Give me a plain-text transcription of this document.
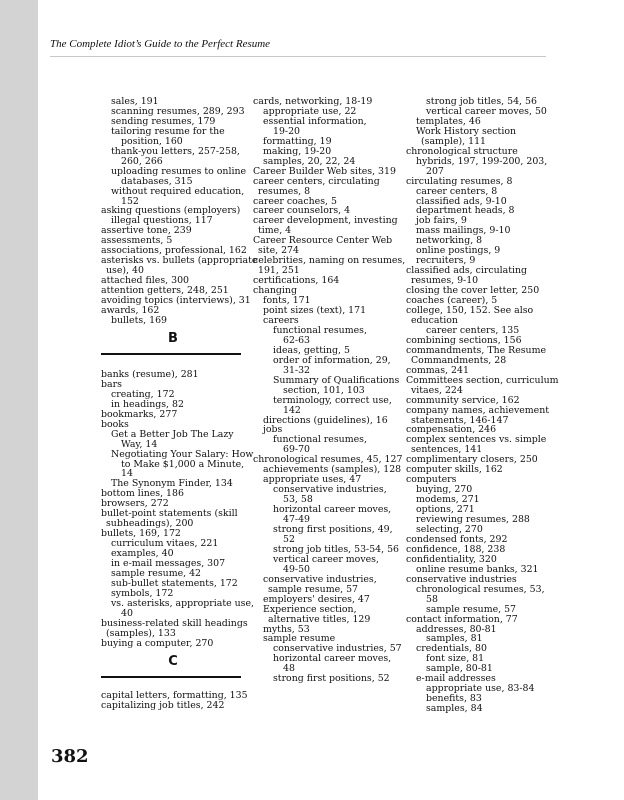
The Complete Idiot’s Guide to the Perfect Resume
sales, 191
scanning resumes, 289, 293
sending resumes, 179
tailoring resume for the
position, 160
thank-you letters, 257-258,
260, 266
uploading resumes to online
databases, 315
without required education,
152
asking questions (employers)
illegal questions, 117
assertive tone, 239
assessments, 5
associations, professional, 162
asterisks vs. bullets (appropriate
use), 40
attached files, 300
attention getters, 248, 251
avoiding topics (interviews), 31
awards, 162
bullets, 169
B
banks (resume), 281
bars
creating, 172
in headings, 82
bookmarks, 277
books
Get a Better Job The Lazy
Way, 14
Negotiating Your Salary: How
to Make $1,000 a Minute,
14
The Synonym Finder, 134
bottom lines, 186
browsers, 272
bullet-point statements (skill
subheadings), 200
bullets, 169, 172
curriculum vitaes, 221
examples, 40
in e-mail messages, 307
sample resume, 42
sub-bullet statements, 172
symbols, 172
vs. asterisks, appropriate use,
40
business-related skill headings
(samples), 133
buying a computer, 270
C
capital letters, formatting, 135
capitalizing job titles, 242
cards, networking, 18-19
appropriate use, 22
essential information,
19-20
formatting, 19
making, 19-20
samples, 20, 22, 24
Career Builder Web sites, 319
career centers, circulating
resumes, 8
career coaches, 5
career counselors, 4
career development, investing
time, 4
Career Resource Center Web
site, 274
celebrities, naming on resumes,
191, 251
certifications, 164
changing
fonts, 171
point sizes (text), 171
careers
functional resumes,
62-63
ideas, getting, 5
order of information, 29,
31-32
Summary of Qualifications
section, 101, 103
terminology, correct use,
142
directions (guidelines), 16
jobs
functional resumes,
69-70
chronological resumes, 45, 127
achievements (samples), 128
appropriate uses, 47
conservative industries,
53, 58
horizontal career moves,
47-49
strong first positions, 49,
52
strong job titles, 53-54, 56
vertical career moves,
49-50
conservative industries,
sample resume, 57
employers' desires, 47
Experience section,
alternative titles, 129
myths, 53
sample resume
conservative industries, 57
horizontal career moves,
48
strong first positions, 52
strong job titles, 54, 56
vertical career moves, 50
templates, 46
Work History section
(sample), 111
chronological structure
hybrids, 197, 199-200, 203,
207
circulating resumes, 8
career centers, 8
classified ads, 9-10
department heads, 8
job fairs, 9
mass mailings, 9-10
networking, 8
online postings, 9
recruiters, 9
classified ads, circulating
resumes, 9-10
closing the cover letter, 250
coaches (career), 5
college, 150, 152. See also
education
career centers, 135
combining sections, 156
commandments, The Resume
Commandments, 28
commas, 241
Committees section, curriculum
vitaes, 224
community service, 162
company names, achievement
statements, 146-147
compensation, 246
complex sentences vs. simple
sentences, 141
complimentary closers, 250
computer skills, 162
computers
buying, 270
modems, 271
options, 271
reviewing resumes, 288
selecting, 270
condensed fonts, 292
confidence, 188, 238
confidentiality, 320
online resume banks, 321
conservative industries
chronological resumes, 53,
58
sample resume, 57
contact information, 77
addresses, 80-81
samples, 81
credentials, 80
font size, 81
sample, 80-81
e-mail addresses
appropriate use, 83-84
benefits, 83
samples, 84
382
